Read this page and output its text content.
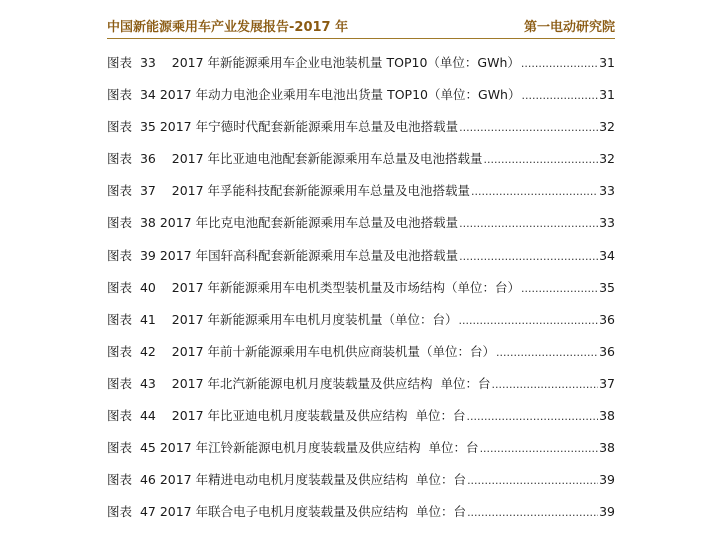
中国新能源乘用车产业发展报告-2017 年	第一电动研究院
图表  33    2017 年新能源乘用车企业电池装机量 TOP10（单位：GWh） .....	31
图表  34 2017 年动力电池企业乘用车电池出货量 TOP10（单位：GWh） .....	31
图表  35 2017 年宁德时代配套新能源乘用车总量及电池搭载量 .....	32
图表  36    2017 年比亚迪电池配套新能源乘用车总量及电池搭载量 .....	32
图表  37    2017 年孚能科技配套新能源乘用车总量及电池搭载量 .....	33
图表  38 2017 年比克电池配套新能源乘用车总量及电池搭载量 .....	33
图表  39 2017 年国轩高科配套新能源乘用车总量及电池搭载量 .....	34
图表  40    2017 年新能源乘用车电机类型装机量及市场结构（单位：台） .....	35
图表  41    2017 年新能源乘用车电机月度装机量（单位：台） .....	36
图表  42    2017 年前十新能源乘用车电机供应商装机量（单位：台） .....	36
图表  43    2017 年北汽新能源电机月度装载量及供应结构  单位：台 .....	37
图表  44    2017 年比亚迪电机月度装载量及供应结构  单位：台 .....	38
图表  45 2017 年江铃新能源电机月度装载量及供应结构  单位：台 .....	38
图表  46 2017 年精进电动电机月度装载量及供应结构  单位：台 .....	39
图表  47 2017 年联合电子电机月度装载量及供应结构  单位：台 .....	39
